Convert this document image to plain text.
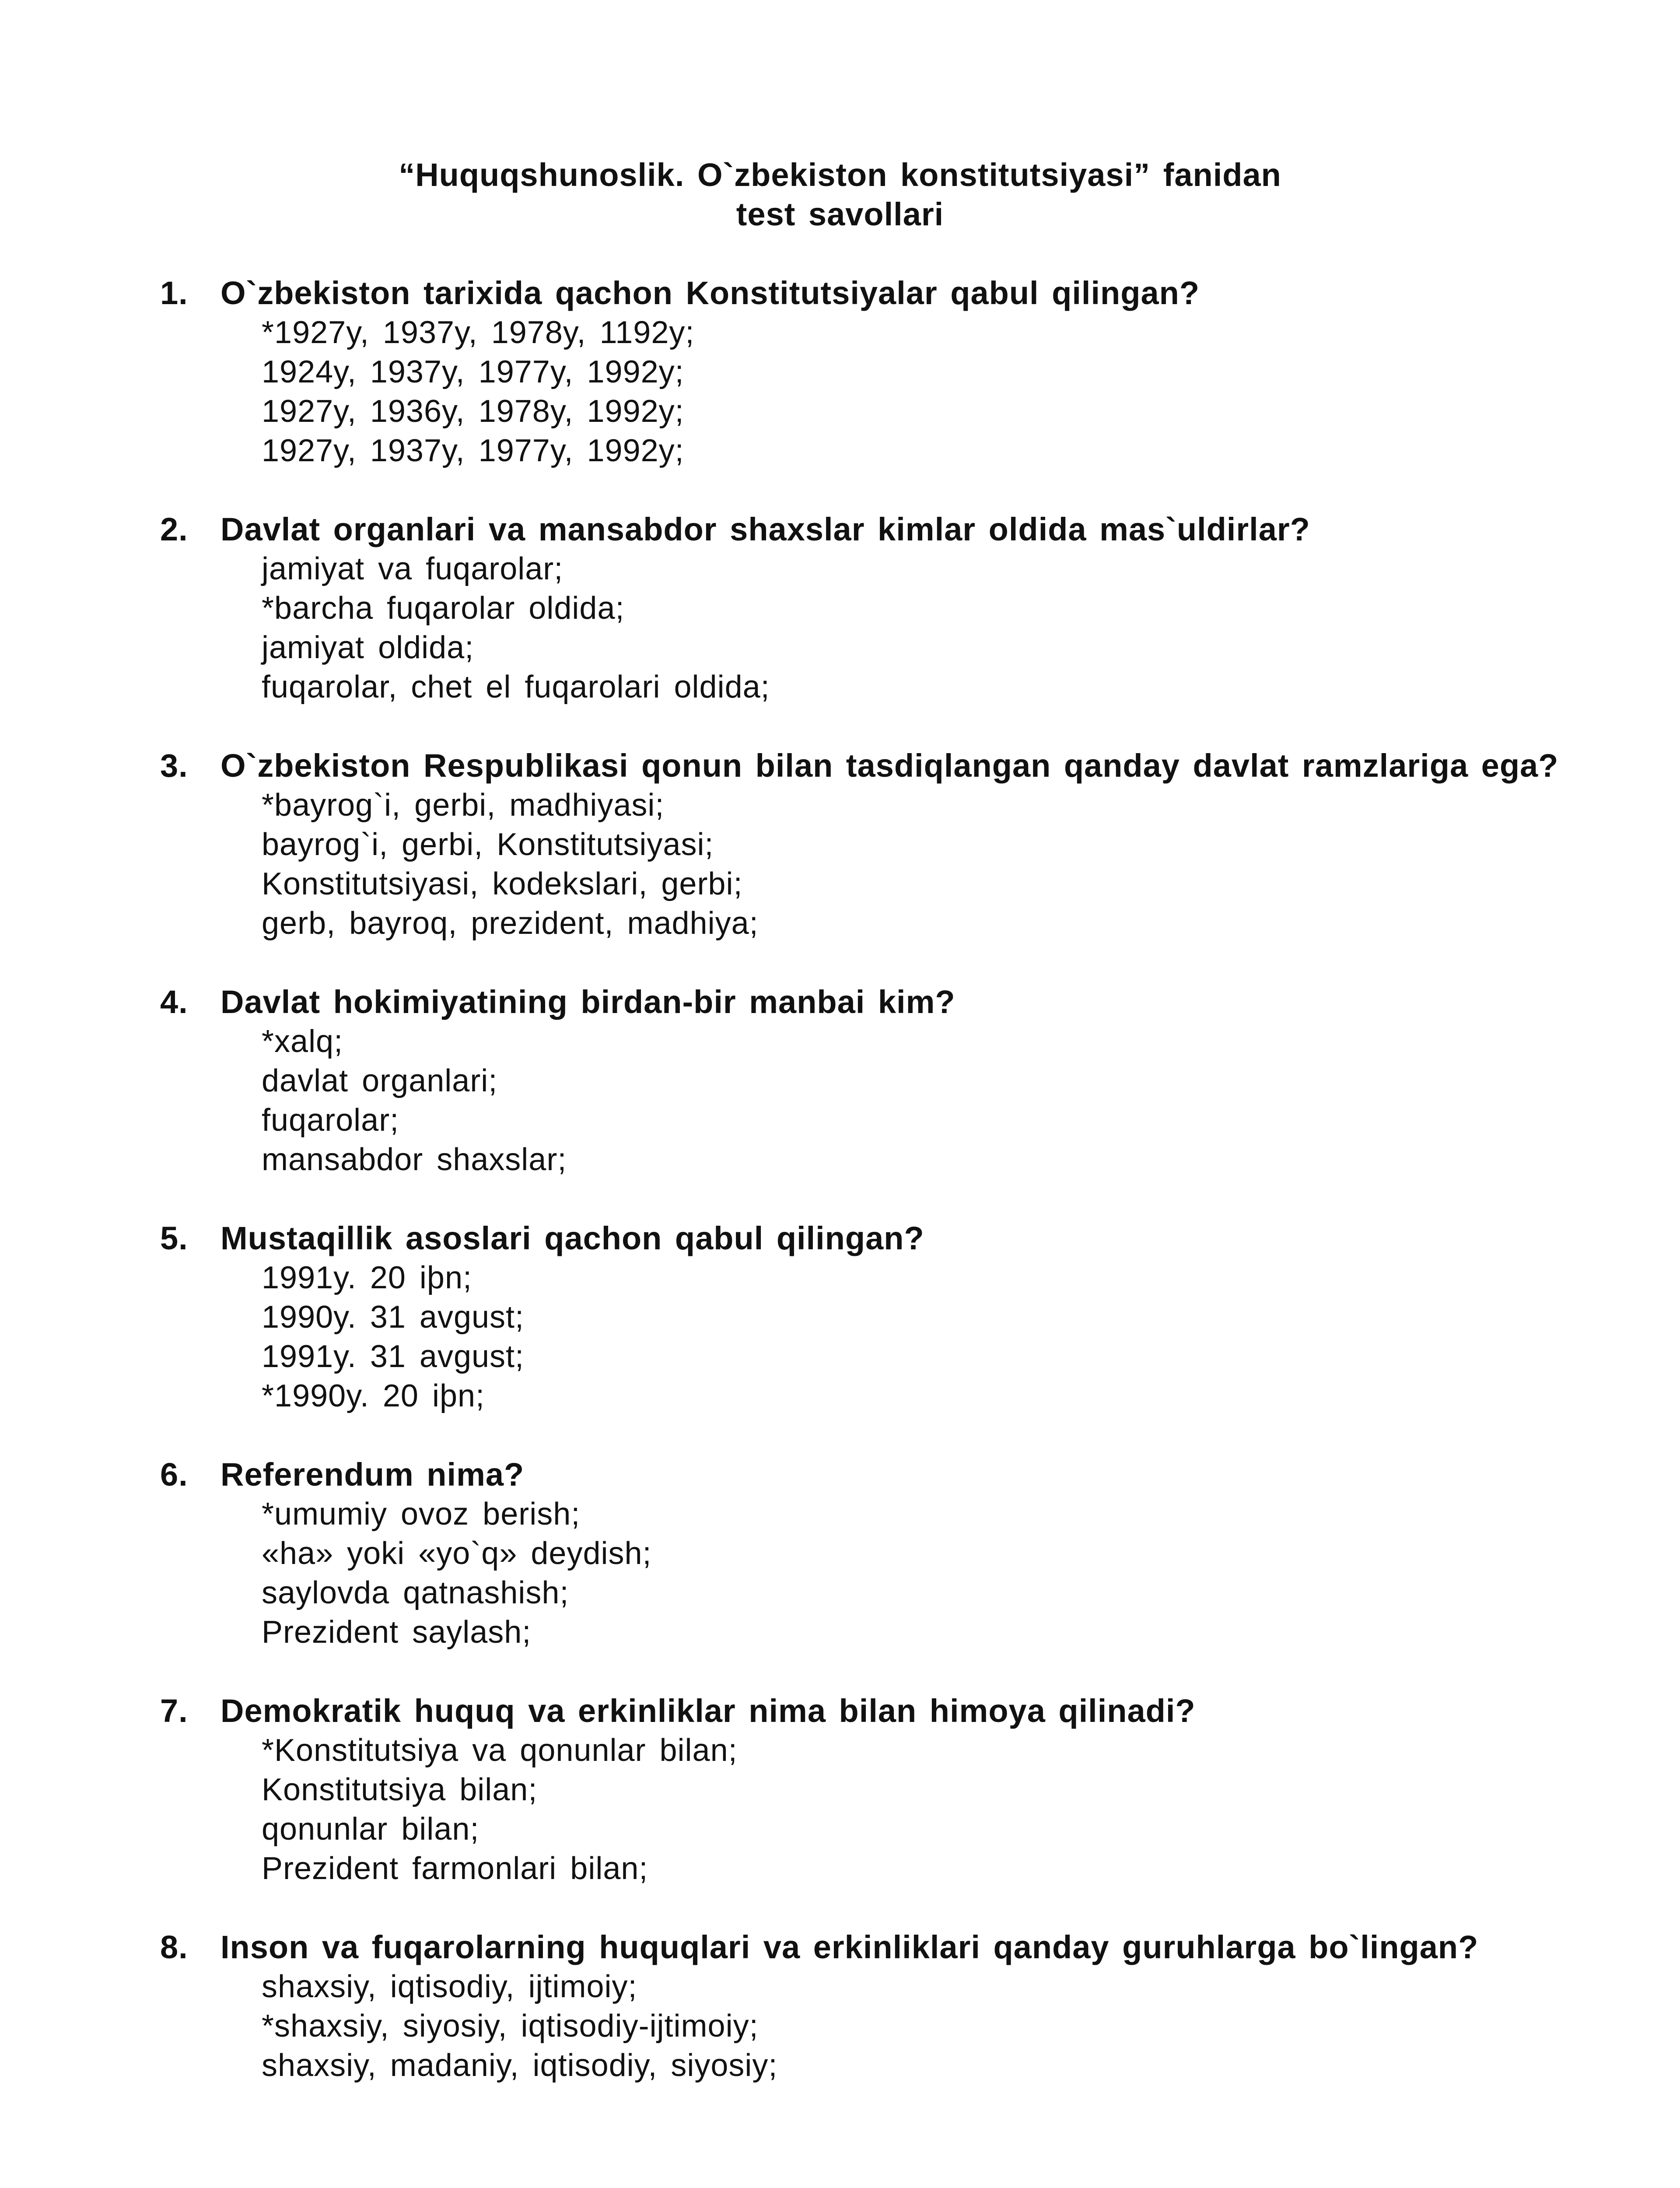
“Huquqshunoslik. O`zbekiston konstitutsiyasi” fanidan
test savollari
1.	O`zbekiston tarixida qachon Konstitutsiyalar qabul qilingan?
*1927y, 1937y, 1978y, 1192y;
1924y, 1937y, 1977y, 1992y;
1927y, 1936y, 1978y, 1992y;
1927y, 1937y, 1977y, 1992y;
2.	Davlat organlari va mansabdor shaxslar kimlar oldida mas`uldirlar?
jamiyat va fuqarolar;
*barcha fuqarolar oldida;
jamiyat oldida;
fuqarolar, chet el fuqarolari oldida;
3. O`zbekiston Respublikasi qonun bilan tasdiqlangan qanday davlat ramzlariga ega?
*bayrog`i, gerbi, madhiyasi;
bayrog`i, gerbi, Konstitutsiyasi;
Konstitutsiyasi, kodekslari, gerbi;
gerb, bayroq, prezident, madhiya;
4.	Davlat hokimiyatining birdan-bir manbai kim?
*xalq;
davlat organlari;
fuqarolar;
mansabdor shaxslar;
5.	Mustaqillik asoslari qachon qabul qilingan?
1991y. 20 iþn;
1990y. 31 avgust;
1991y. 31 avgust;
*1990y. 20 iþn;
6.	Referendum nima?
*umumiy ovoz berish;
«ha» yoki «yo`q» deydish;
saylovda qatnashish;
Prezident saylash;
7.	Demokratik huquq va erkinliklar nima bilan himoya qilinadi?
*Konstitutsiya va qonunlar bilan;
Konstitutsiya bilan;
qonunlar bilan;
Prezident farmonlari bilan;
8. Inson va fuqarolarning huquqlari va erkinliklari qanday guruhlarga bo`lingan?
shaxsiy, iqtisodiy, ijtimoiy;
*shaxsiy, siyosiy, iqtisodiy-ijtimoiy;
shaxsiy, madaniy, iqtisodiy, siyosiy;
